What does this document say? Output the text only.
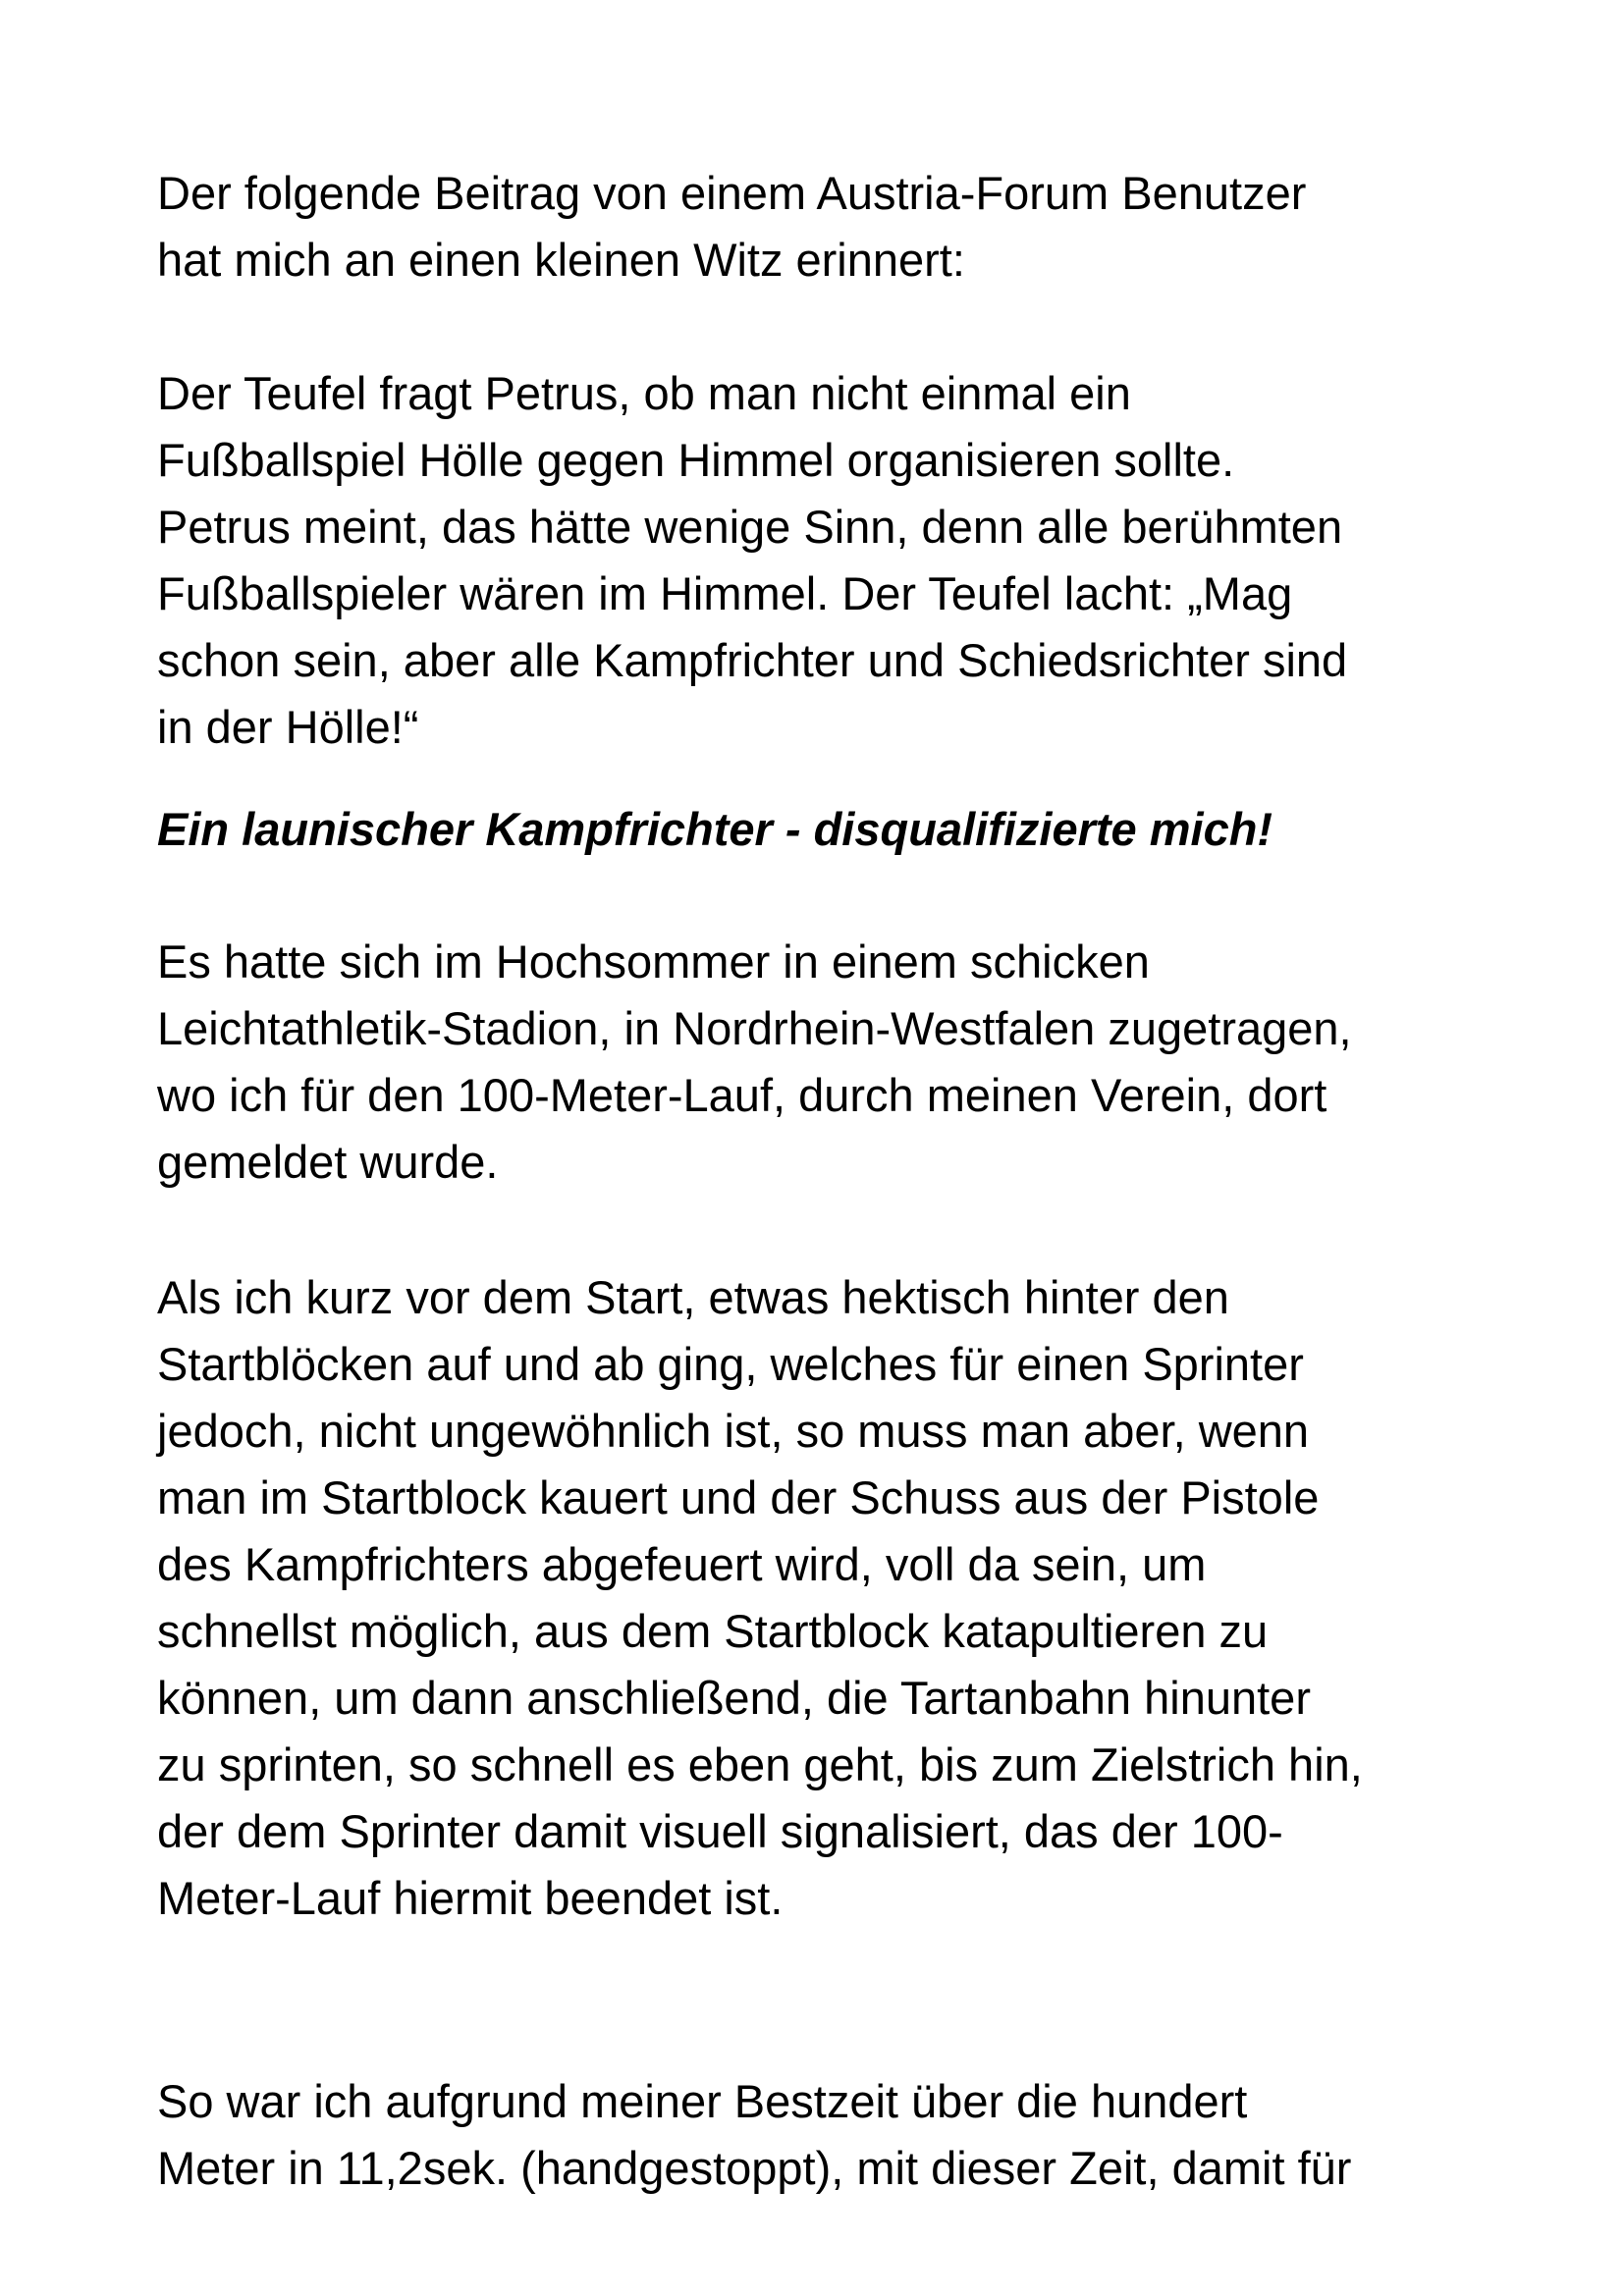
Der folgende Beitrag von einem Austria-Forum Benutzer
hat mich an einen kleinen Witz erinnert:

Der Teufel fragt Petrus, ob man nicht einmal ein
Fußballspiel Hölle gegen Himmel organisieren sollte.
Petrus meint, das hätte wenige Sinn, denn alle berühmten
Fußballspieler wären im Himmel. Der Teufel lacht: „Mag
schon sein, aber alle Kampfrichter und Schiedsrichter sind
in der Hölle!“

Ein launischer Kampfrichter - disqualifizierte mich!

Es hatte sich im Hochsommer in einem schicken
Leichtathletik-Stadion, in Nordrhein-Westfalen zugetragen,
wo ich für den 100-Meter-Lauf, durch meinen Verein, dort
gemeldet wurde.

Als ich kurz vor dem Start, etwas hektisch hinter den
Startblöcken auf und ab ging, welches für einen Sprinter
jedoch, nicht ungewöhnlich ist, so muss man aber, wenn
man im Startblock kauert und der Schuss aus der Pistole
des Kampfrichters abgefeuert wird, voll da sein, um
schnellst möglich, aus dem Startblock katapultieren zu
können, um dann anschließend, die Tartanbahn hinunter
zu sprinten, so schnell es eben geht, bis zum Zielstrich hin,
der dem Sprinter damit visuell signalisiert, das der 100-
Meter-Lauf hiermit beendet ist.

So war ich aufgrund meiner Bestzeit über die hundert
Meter in 11,2sek. (handgestoppt), mit dieser Zeit, damit für
